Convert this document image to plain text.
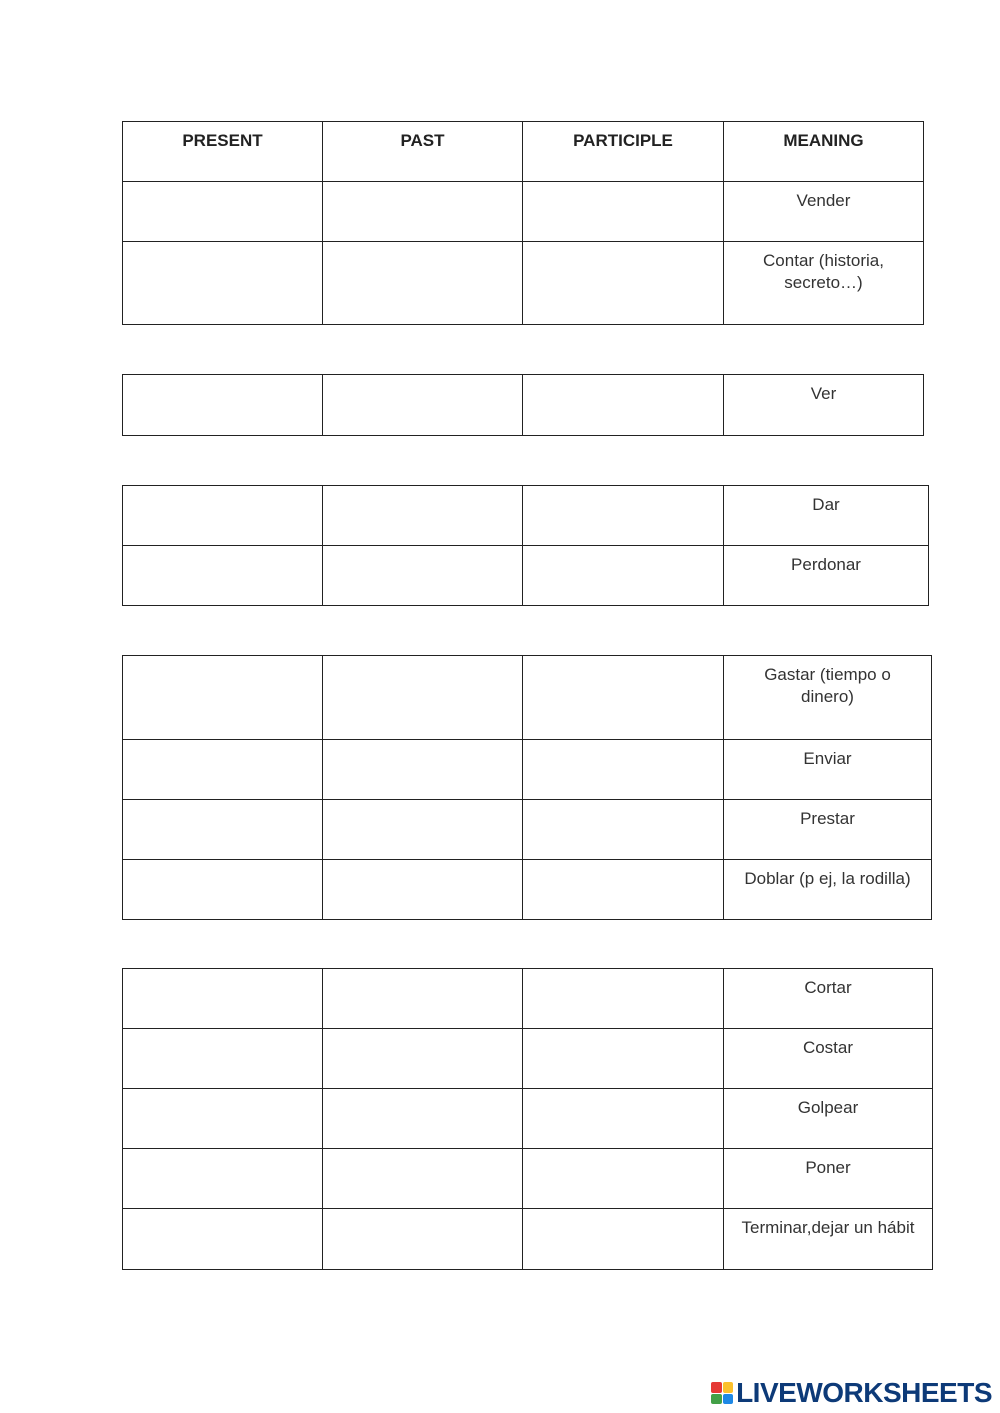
PRESENT	PAST	PARTICIPLE	MEANING
			Vender
			Contar (historia, secreto…)
			Ver
			Dar
			Perdonar
			Gastar (tiempo o dinero)
			Enviar
			Prestar
			Doblar (p ej, la rodilla)
			Cortar
			Costar
			Golpear
			Poner
			Terminar,dejar un hábit
LIVEWORKSHEETS
